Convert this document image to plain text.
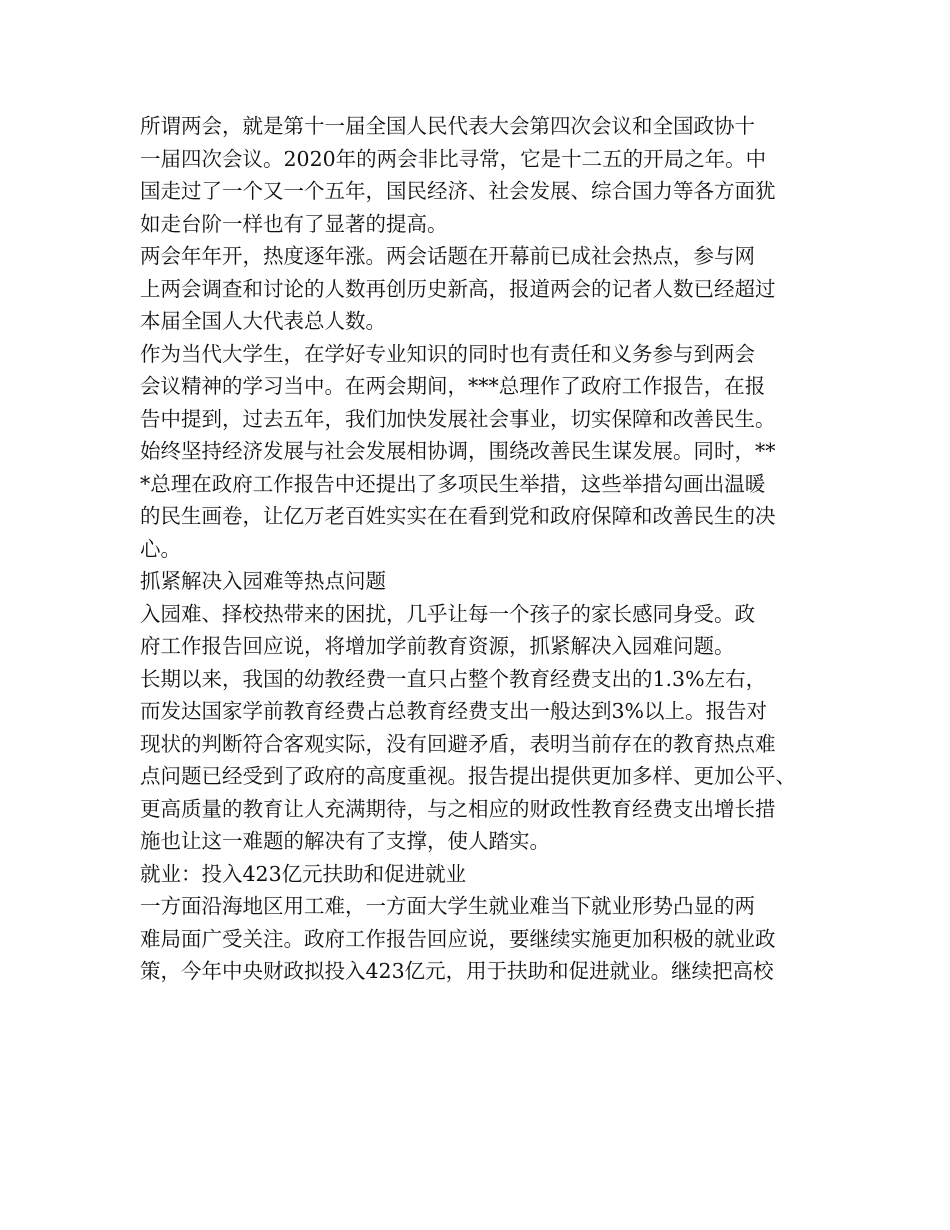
所谓两会，就是第十一届全国人民代表大会第四次会议和全国政协十
一届四次会议。2020年的两会非比寻常，它是十二五的开局之年。中
国走过了一个又一个五年，国民经济、社会发展、综合国力等各方面犹
如走台阶一样也有了显著的提高。
两会年年开，热度逐年涨。两会话题在开幕前已成社会热点，参与网
上两会调查和讨论的人数再创历史新高，报道两会的记者人数已经超过
本届全国人大代表总人数。
作为当代大学生，在学好专业知识的同时也有责任和义务参与到两会
会议精神的学习当中。在两会期间，***总理作了政府工作报告，在报
告中提到，过去五年，我们加快发展社会事业，切实保障和改善民生。
始终坚持经济发展与社会发展相协调，围绕改善民生谋发展。同时，**
*总理在政府工作报告中还提出了多项民生举措，这些举措勾画出温暖
的民生画卷，让亿万老百姓实实在在看到党和政府保障和改善民生的决
心。
抓紧解决入园难等热点问题
入园难、择校热带来的困扰，几乎让每一个孩子的家长感同身受。政
府工作报告回应说，将增加学前教育资源，抓紧解决入园难问题。
长期以来，我国的幼教经费一直只占整个教育经费支出的1.3%左右，
而发达国家学前教育经费占总教育经费支出一般达到3%以上。报告对
现状的判断符合客观实际，没有回避矛盾，表明当前存在的教育热点难
点问题已经受到了政府的高度重视。报告提出提供更加多样、更加公平、
更高质量的教育让人充满期待，与之相应的财政性教育经费支出增长措
施也让这一难题的解决有了支撑，使人踏实。
就业：投入423亿元扶助和促进就业
一方面沿海地区用工难，一方面大学生就业难当下就业形势凸显的两
难局面广受关注。政府工作报告回应说，要继续实施更加积极的就业政
策，今年中央财政拟投入423亿元，用于扶助和促进就业。继续把高校
